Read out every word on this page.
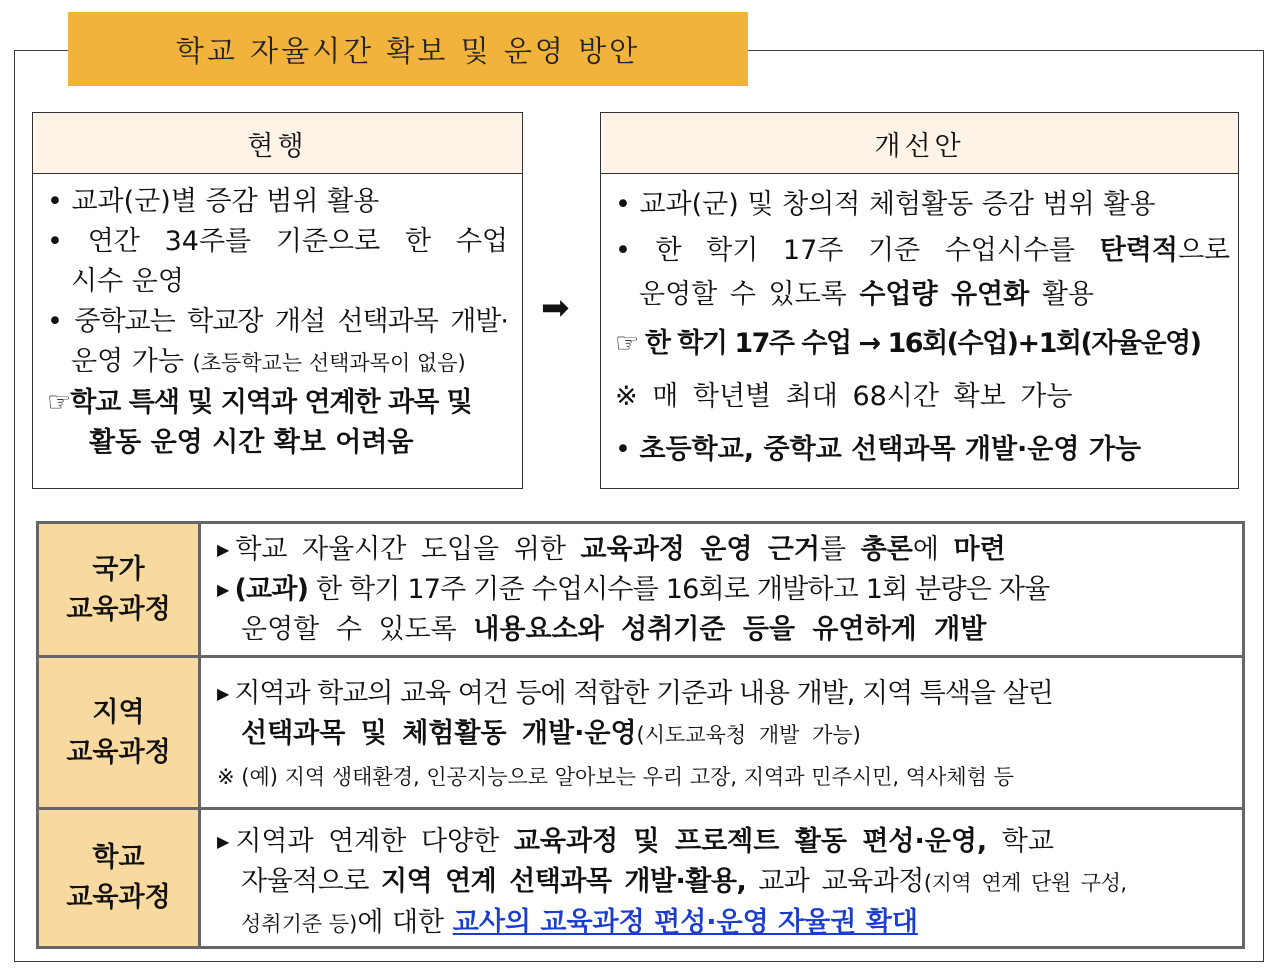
학교 자율시간 확보 및 운영 방안
현행
• 교과(군)별 증감 범위 활용
• 연간 34주를 기준으로 한 수업
시수 운영
• 중학교는 학교장 개설 선택과목 개발·
운영 가능 (초등학교는 선택과목이 없음)
☞학교 특색 및 지역과 연계한 과목 및
활동 운영 시간 확보 어려움
➡
개선안
• 교과(군) 및 창의적 체험활동 증감 범위 활용
• 한 학기 17주 기준 수업시수를 탄력적으로
운영할 수 있도록 수업량 유연화 활용
☞ 한 학기 17주 수업 → 16회(수업)+1회(자율운영)
※ 매 학년별 최대 68시간 확보 가능
• 초등학교, 중학교 선택과목 개발·운영 가능
국가
교육과정
▶ 학교 자율시간 도입을 위한 교육과정 운영 근거를 총론에 마련
▶ (교과) 한 학기 17주 기준 수업시수를 16회로 개발하고 1회 분량은 자율
운영할 수 있도록 내용요소와 성취기준 등을 유연하게 개발
지역
교육과정
▶ 지역과 학교의 교육 여건 등에 적합한 기준과 내용 개발, 지역 특색을 살린
선택과목 및 체험활동 개발·운영(시도교육청 개발 가능)
※ (예) 지역 생태환경, 인공지능으로 알아보는 우리 고장, 지역과 민주시민, 역사체험 등
학교
교육과정
▶ 지역과 연계한 다양한 교육과정 및 프로젝트 활동 편성·운영, 학교
자율적으로 지역 연계 선택과목 개발·활용, 교과 교육과정(지역 연계 단원 구성,
성취기준 등)에 대한 교사의 교육과정 편성·운영 자율권 확대
